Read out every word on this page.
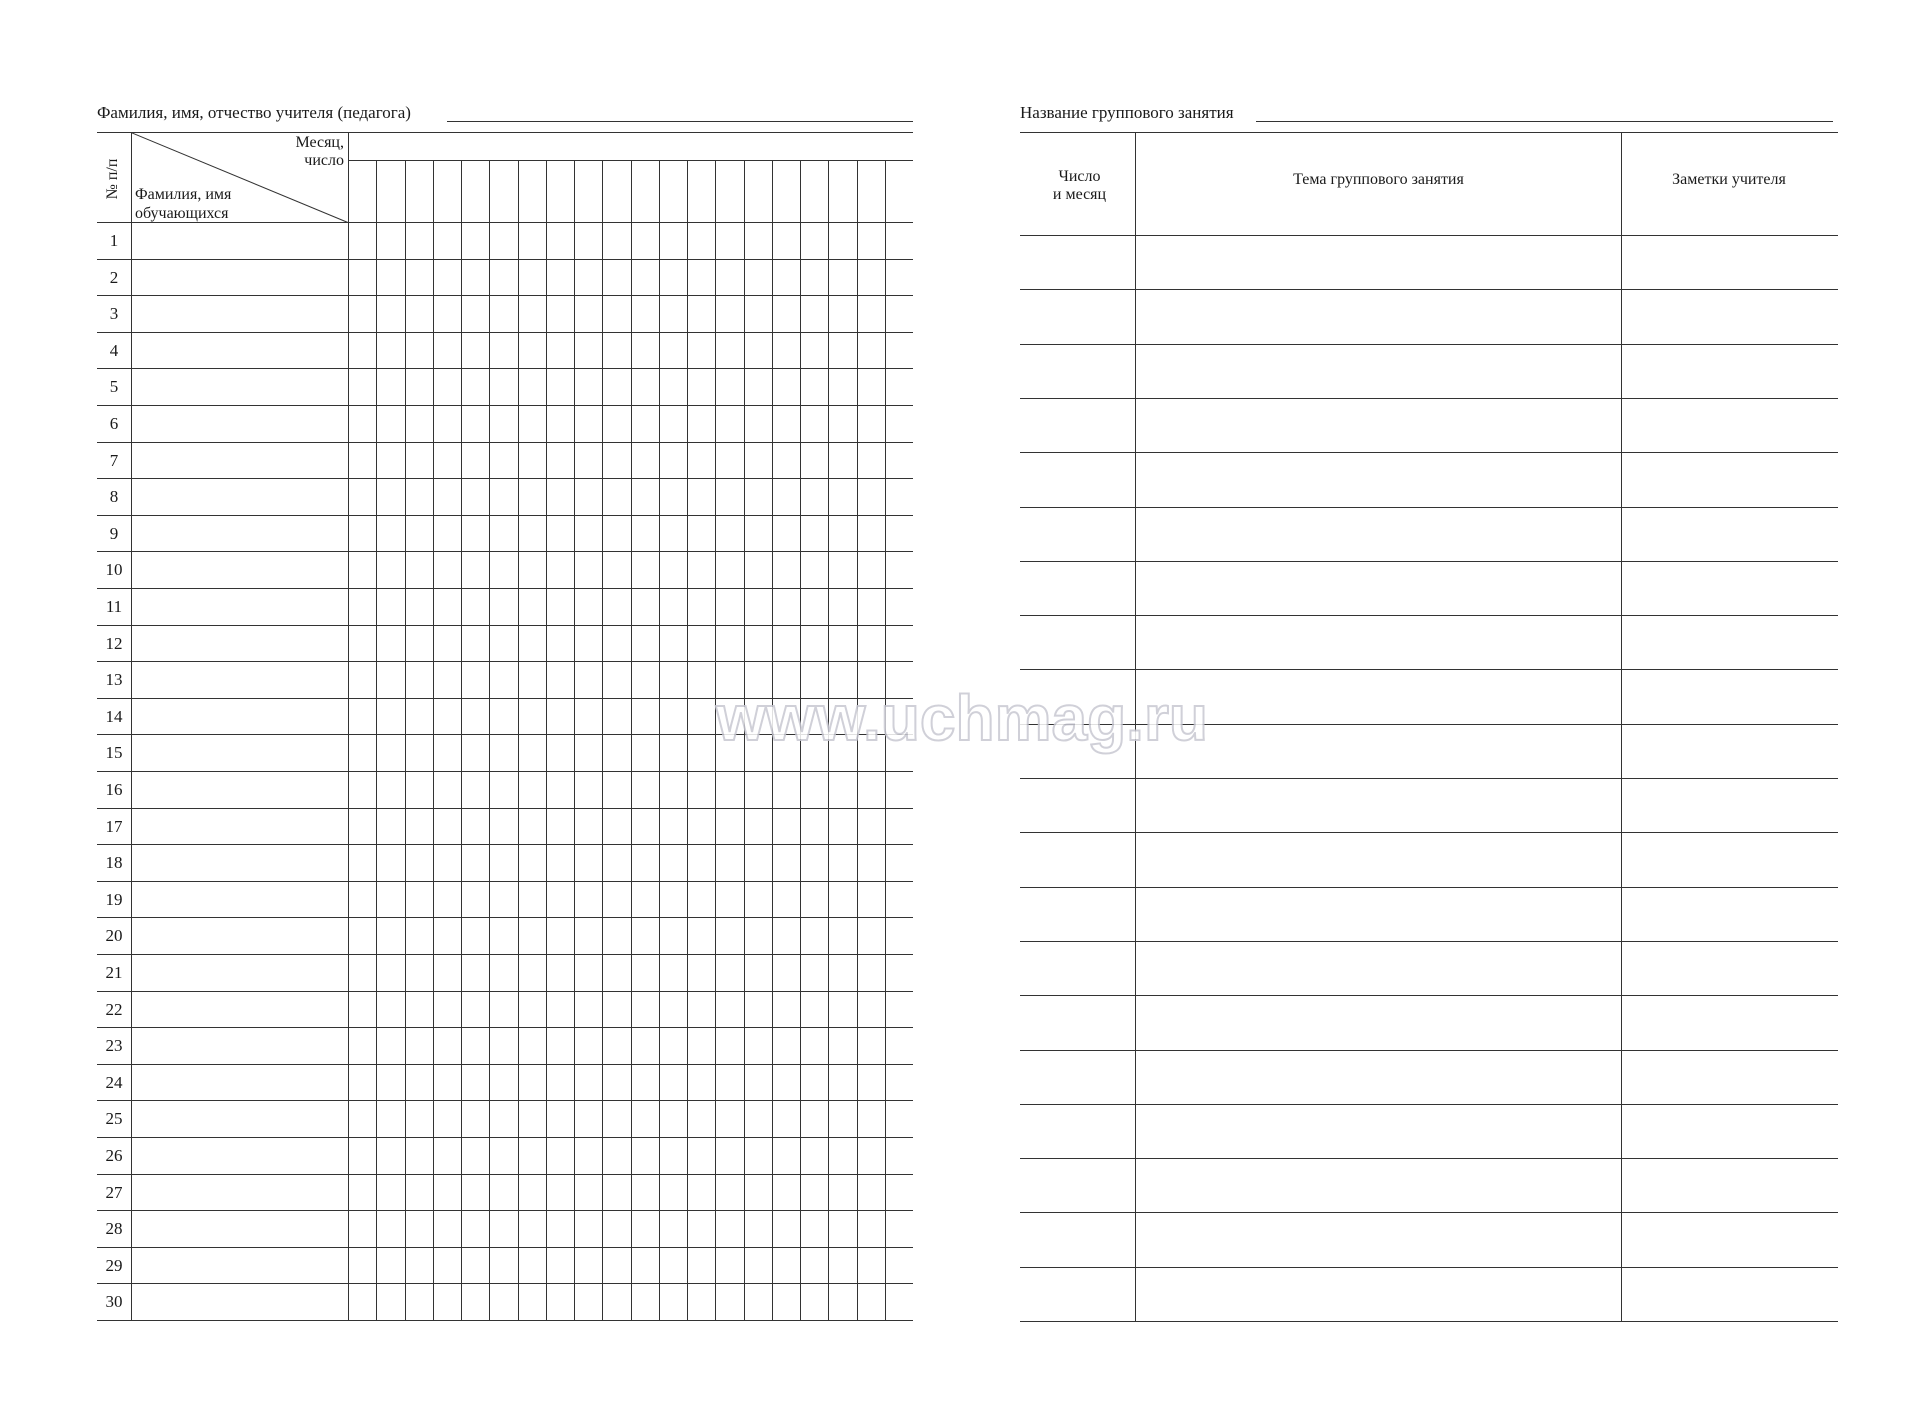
Фамилия, имя, отчество учителя (педагога)
№ п/п
Месяц,
число
Фамилия, имя
обучающихся
1
2
3
4
5
6
7
8
9
10
11
12
13
14
15
16
17
18
19
20
21
22
23
24
25
26
27
28
29
30
Название группового занятия
Число
и месяц
Тема группового занятия	Заметки учителя
www.uchmag.ru
